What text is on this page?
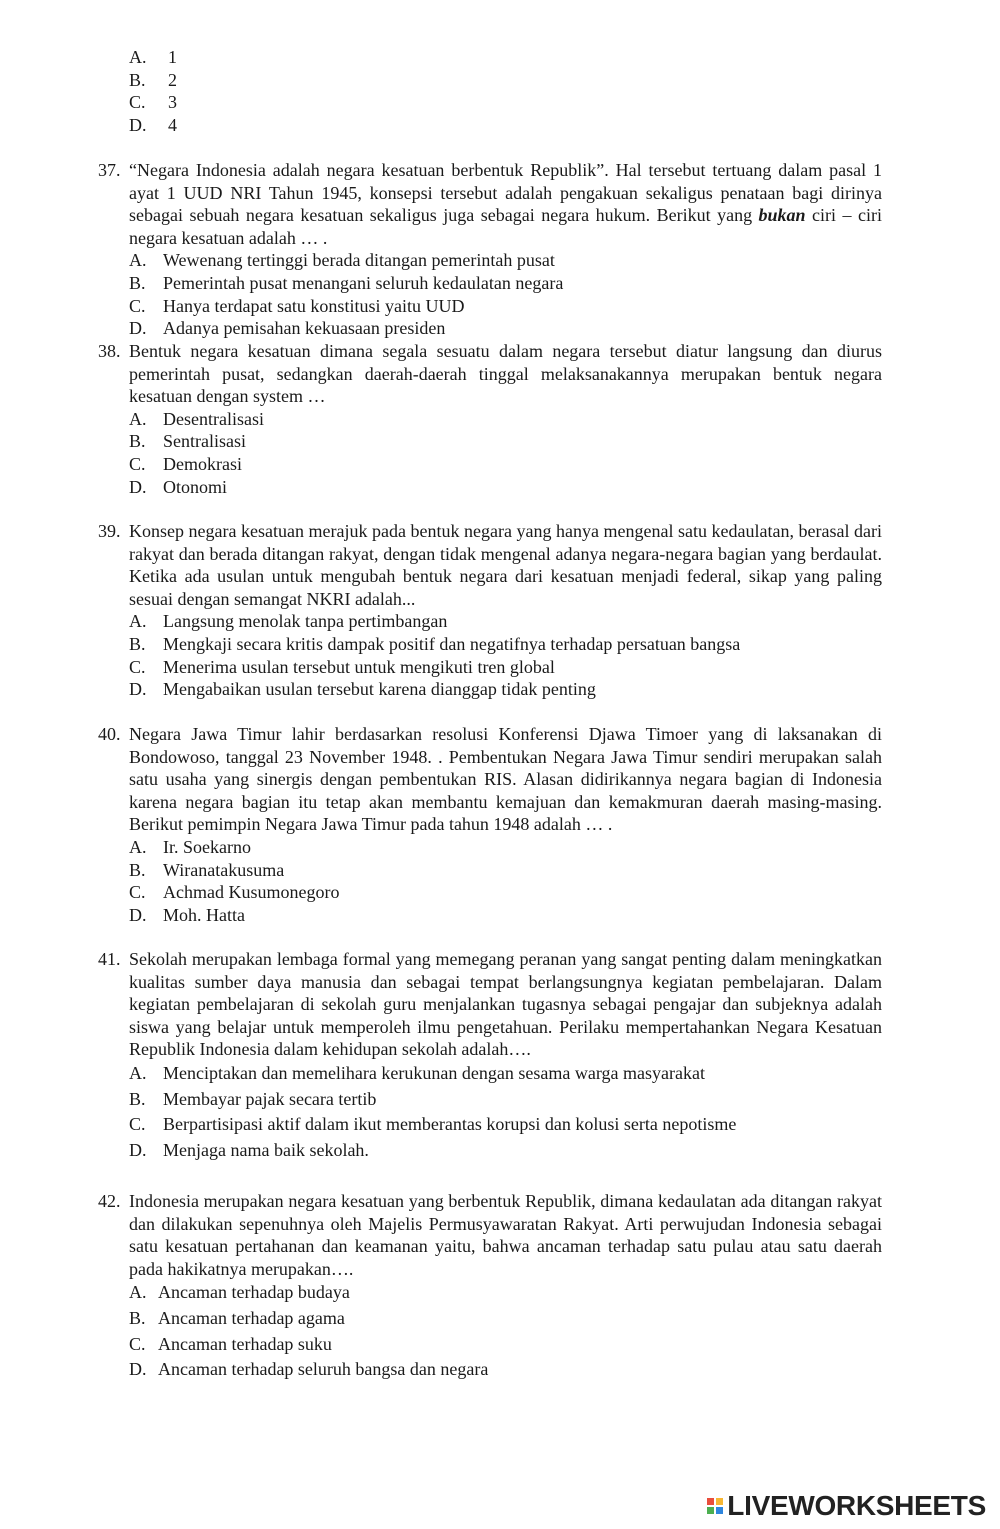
A.	1
B.	2
C.	3
D.	4
37. “Negara Indonesia adalah negara kesatuan berbentuk Republik”. Hal tersebut tertuang dalam pasal 1 ayat 1 UUD NRI Tahun 1945, konsepsi tersebut adalah pengakuan sekaligus penataan bagi dirinya sebagai sebuah negara kesatuan sekaligus juga sebagai negara hukum. Berikut yang bukan ciri – ciri negara kesatuan adalah … .
A. Wewenang tertinggi berada ditangan pemerintah pusat
B. Pemerintah pusat menangani seluruh kedaulatan negara
C. Hanya terdapat satu konstitusi yaitu UUD
D. Adanya pemisahan kekuasaan presiden
38. Bentuk negara kesatuan dimana segala sesuatu dalam negara tersebut diatur langsung dan diurus pemerintah pusat, sedangkan daerah-daerah tinggal melaksanakannya merupakan bentuk negara kesatuan dengan system …
A. Desentralisasi
B. Sentralisasi
C. Demokrasi
D. Otonomi
39. Konsep negara kesatuan merajuk pada bentuk negara yang hanya mengenal satu kedaulatan, berasal dari rakyat dan berada ditangan rakyat, dengan tidak mengenal adanya negara-negara bagian yang berdaulat. Ketika ada usulan untuk mengubah bentuk negara dari kesatuan menjadi federal, sikap yang paling sesuai dengan semangat NKRI adalah...
A. Langsung menolak tanpa pertimbangan
B. Mengkaji secara kritis dampak positif dan negatifnya terhadap persatuan bangsa
C. Menerima usulan tersebut untuk mengikuti tren global
D. Mengabaikan usulan tersebut karena dianggap tidak penting
40. Negara Jawa Timur lahir berdasarkan resolusi Konferensi Djawa Timoer yang di laksanakan di Bondowoso, tanggal 23 November 1948. . Pembentukan Negara Jawa Timur sendiri merupakan salah satu usaha yang sinergis dengan pembentukan RIS. Alasan didirikannya negara bagian di Indonesia karena negara bagian itu tetap akan membantu kemajuan dan kemakmuran daerah masing-masing. Berikut pemimpin Negara Jawa Timur pada tahun 1948 adalah … .
A. Ir. Soekarno
B. Wiranatakusuma
C. Achmad Kusumonegoro
D. Moh. Hatta
41. Sekolah merupakan lembaga formal yang memegang peranan yang sangat penting dalam meningkatkan kualitas sumber daya manusia dan sebagai tempat berlangsungnya kegiatan pembelajaran. Dalam kegiatan pembelajaran di sekolah guru menjalankan tugasnya sebagai pengajar dan subjeknya adalah siswa yang belajar untuk memperoleh ilmu pengetahuan. Perilaku mempertahankan Negara Kesatuan Republik Indonesia dalam kehidupan sekolah adalah….
A. Menciptakan dan memelihara kerukunan dengan sesama warga masyarakat
B. Membayar pajak secara tertib
C. Berpartisipasi aktif dalam ikut memberantas korupsi dan kolusi serta nepotisme
D. Menjaga nama baik sekolah.
42. Indonesia merupakan negara kesatuan yang berbentuk Republik, dimana kedaulatan ada ditangan rakyat dan dilakukan sepenuhnya oleh Majelis Permusyawaratan Rakyat. Arti perwujudan Indonesia sebagai satu kesatuan pertahanan dan keamanan yaitu, bahwa ancaman terhadap satu pulau atau satu daerah pada hakikatnya merupakan….
A. Ancaman terhadap budaya
B. Ancaman terhadap agama
C. Ancaman terhadap suku
D. Ancaman terhadap seluruh bangsa dan negara
LIVEWORKSHEETS
